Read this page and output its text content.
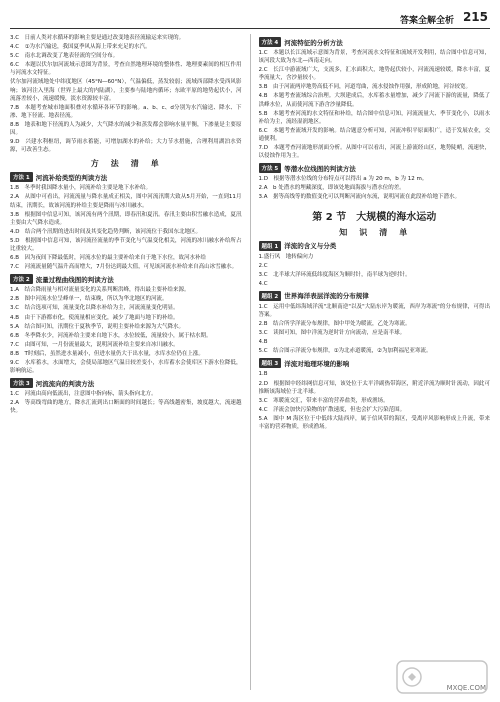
答案全解全析 215

3.C　日前人类对水循环的影响主要是通过改变地表径流输运来实现的。

4.C　①为水汽输送，我国夏季风从海上带来充足的水汽。

5.C　南水北调改变了地表径流的空间分布。

6.C　本题以伏尔加河流域示意图为背景，考查自然地理环境的整体性、地理要素间的相互作用与河流水文特征。

伏尔加河流域地处中纬度地区（45°N—60°N），气温偏低，蒸发较弱；流域西部降水受西风影响；该河注入里海（世界上最大的内陆湖），主要参与陆地内循环；东欧平原的地势起伏小，河流落差较小，流速缓慢，淡水资源较丰富。

7.B　本题考查城市地面积叠对水循环各环节的影响。a、b、c、d分别为水汽输送、降水、下渗、地下径流、地表径流。

8.B　地表和地下径流的人为减少，大气降水的减少和蒸发都会影响水量平衡，下渗量是主要原因。

9.D　兴建水利枢纽，调节雨水蓄能，可增加湖水的补给；大力节水措施，合理利用湖泊水资源，可改善生态。

方　法　清　单
方法 1 河流补给类型的判读方法

1.B　冬季时我国降水量小，河流补给主要是地下水补给。

2.A　从图中可看出，河流流量与降水量成正相关，图中河流汛期大致从5月开始，一直到11月结束，汛期长，故该河流的补给主要是降雨与冰川融水。

3.B　根据图中信息可知，该河流有两个汛期，即春汛和夏汛。春汛主要由积雪融水造成，夏汛主要由大气降水造成。

4.D　结合两个汛期的进出时间及其变化趋势判断，该河流位于我国东北地区。

5.D　根据图中信息可知，该河流径流量的季节变化与气温变化相关，河流的冰川融水补给所占比重较大。

6.B　因为夜间下降最低时，河流水位的最主要补给来自于地下水位，故河水补给

7.C　河流流量随气温升高而增大，7月份达到最大值，可见该河流水补给来自高山冰雪融水。

方法 2 流量过程曲线图的判读方法

1.A　结合降雨量与相对流量变化的关系判断洪峰，得出最主要补给来源。

2.B　图中河流水位呈峰单一，结束晚，所以为华北地区的河流。

3.C　结合选项可知，流量变化以降水补给为主，河流流量变化明显。

4.B　由于下游都市化，使流量相应变化，减少了地面与地下的补给。

5.A　结合图可知，汛期位于夏秋季节，说明主要补给来源为大气降水。

6.B　冬季降水少，河流补给主要来自地下水，水位较低，流量较小，属于枯水期。

7.C　由图可知，一月份流量最大，说明河流补给主要来自冰川融水。

8.B　T时刻后，虽然进水量减小，但进水量仍大于出水量，水库水位仍在上涨。

9.C　水库蓄水，水面增大，会使局部地区气温日较差变小，水库蓄水会使库区下游水位降低，影响航运。

方法 3 河流流向的判读方法

1.C　河流由高向低流出，注意图中指向标，箭头指向北方。

2.A　等高线弯曲的地方，降水汇流到出口断面的时间越长；等高线越密集，坡度越大，流速越快。

方法 4 河流特征的分析方法

1.C　本题以长江流域示意图为背景，考查河流水文特征和流域开发利用，结合图中信息可知，该河段大致为东北—西南走向。

2.C　长江中游流域广大，支流多，汇水面积大，地势起伏较小，河流流速较缓，降水丰富，夏季流量大，含沙量较小。

3.B　由于河流两岸地势高低不同，河道弯曲，流水侵蚀作用强，形成阶地，河谷较宽。

4.B　本题考查流域综合治理。大坝建成后，水库蓄水量增加，减少了河流下游的流量，降低了洪峰水位，从而使河流下游含沙量降低。

5.B　本题考查河流的水文特征和补给，结合图中信息可知，河流流量大、季节变化小，以雨水补给为主，流经湿润地区。

6.C　本题考查流域开发的影响。结合题意分析可知，河流冲积平原面积广，适于发展农业，交通便利。

7.D　本题考查河流地形剖面分析。从图中可以看出，河流上游流经山区，地势陡峭，流速快，以侵蚀作用为主。

方法 5 等潜水位线图的判读方法

1.D　根据等潜水位线的分布特点可以得出 a 为 20 m，b 为 12 m。

2.A　b 处潜水的埋藏深度，即该处地面海拔与潜水位的差。

3.A　据等高线等的数值变化可以判断河流向东流，说明河流在此段补给地下潜水。

第 2 节　大规模的海水运动
知　识　清　单
题组 1 洋流的含义与分类

1.盛行风　地转偏向力

2.C

3.C　北半球大洋环流低纬度海区为顺时针，南半球为逆时针。

4.C

题组 2 世界海洋表层洋流的分布规律

1.C　运用中低纬海域洋流"北顺南逆"以及"大陆东岸为暖流，西岸为寒流"的分布规律，可得出答案。

2.B　结合所学洋流分布规律，图中甲处为暖流，乙处为寒流。

3.C　读图可知，图中洋流为逆时针方向流动，应是南半球。

4.B

5.C　结合图示洋流分布规律，①为北赤道暖流，②为加利福尼亚寒流。

题组 3 洋流对地理环境的影响

1.B

2.D　根据图中经纬网信息可知，该处位于太平洋副热带海区，附近洋流为顺时针流动，因此可推断该海域位于北半球。

3.C　寒暖流交汇，带来丰富的营养盐类，形成渔场。

4.C　洋流会加快污染物的扩散速度，但也会扩大污染范围。

5.A　图中 M 海区位于中低纬大陆西岸，属于信风带的海区，受离岸风影响形成上升流，带来丰富的营养物质，形成渔场。

MXQE.COM
